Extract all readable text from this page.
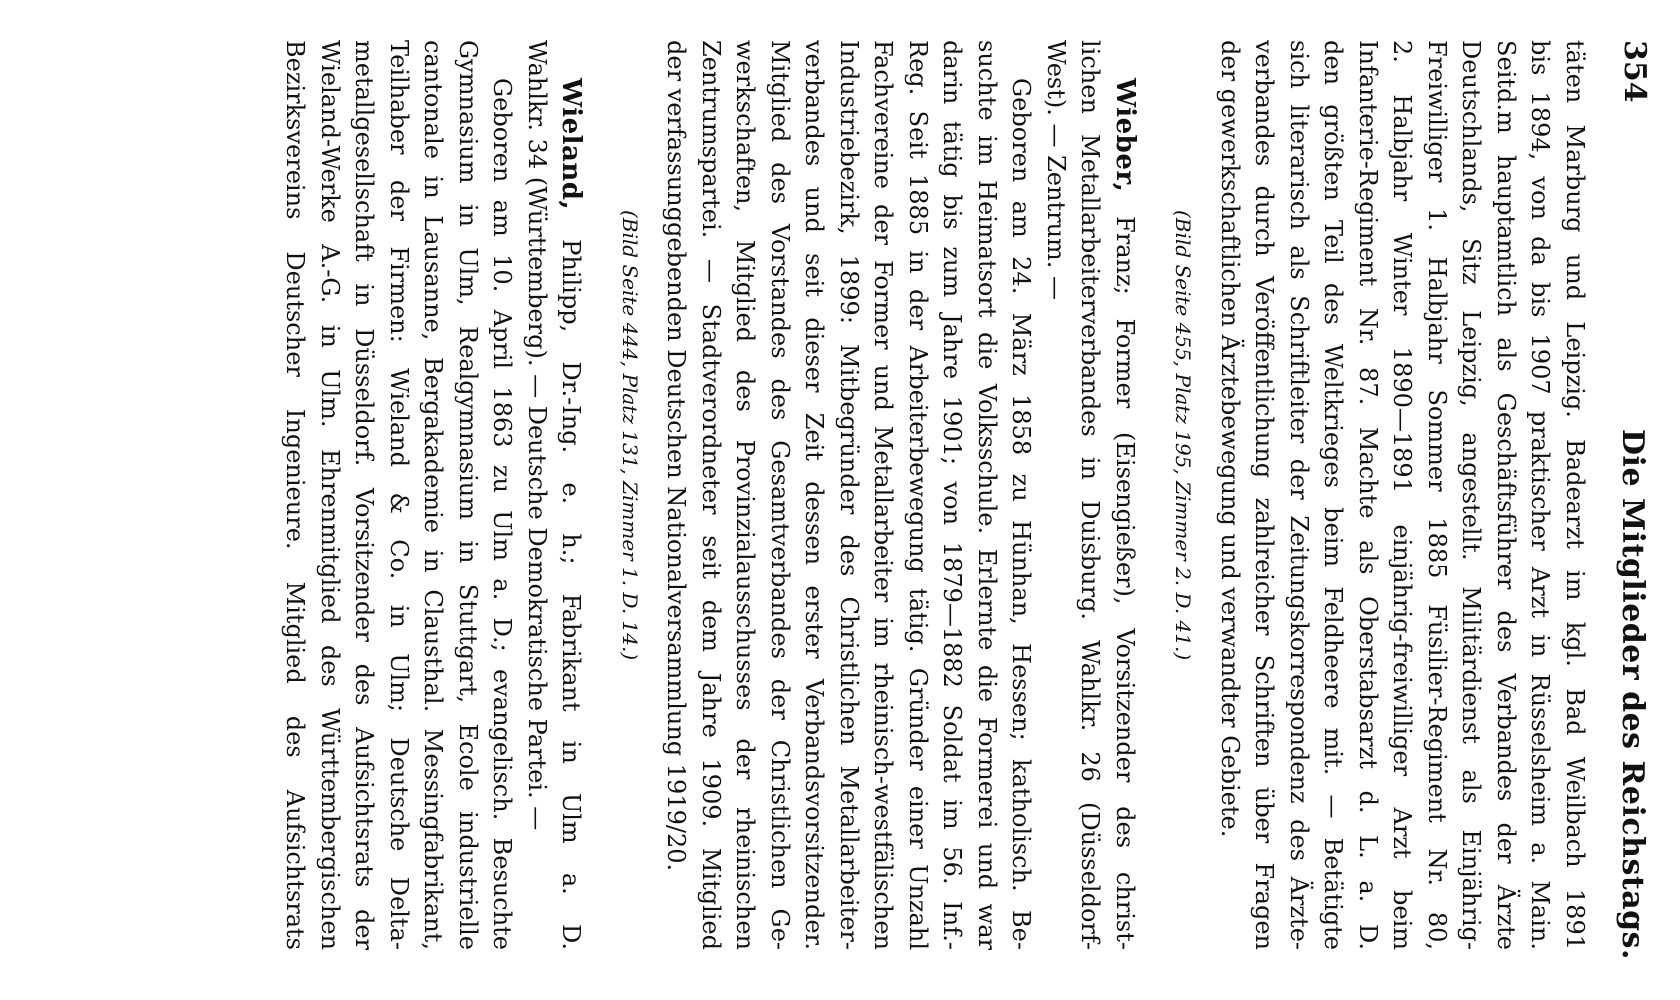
354
Die Mitglieder des Reichstags.
täten Marburg und Leipzig. Badearzt im kgl. Bad Weilbach 1891
bis 1894, von da bis 1907 praktischer Arzt in Rüsselsheim a. Main.
Seitd.m hauptamtlich als Geschäftsführer des Verbandes der Ärzte
Deutschlands, Sitz Leipzig, angestellt. Militärdienst als Einjährig-
Freiwilliger 1. Halbjahr Sommer 1885 Füsilier-Regiment Nr. 80,
2. Halbjahr Winter 1890—1891 einjährig-freiwilliger Arzt beim
Infanterie-Regiment Nr. 87. Machte als Oberstabsarzt d. L. a. D.
den größten Teil des Weltkrieges beim Feldheere mit. — Betätigte
sich literarisch als Schriftleiter der Zeitungskorrespondenz des Ärzte-
verbandes durch Veröffentlichung zahlreicher Schriften über Fragen
der gewerkschaftlichen Ärztebewegung und verwandter Gebiete.
(Bild Seite 455, Platz 195, Zimmer 2. D. 41.)
Wieber, Franz; Former (Eisengießer), Vorsitzender des christ-
lichen Metallarbeiterverbandes in Duisburg. Wahlkr. 26 (Düsseldorf-
West). — Zentrum. —
Geboren am 24. März 1858 zu Hünhan, Hessen; katholisch. Be-
suchte im Heimatsort die Volksschule. Erlernte die Formerei und war
darin tätig bis zum Jahre 1901; von 1879—1882 Soldat im 56. Inf.-
Reg. Seit 1885 in der Arbeiterbewegung tätig. Gründer einer Unzahl
Fachvereine der Former und Metallarbeiter im rheinisch-westfälischen
Industriebezirk, 1899: Mitbegründer des Christlichen Metallarbeiter-
verbandes und seit dieser Zeit dessen erster Verbandsvorsitzender.
Mitglied des Vorstandes des Gesamtverbandes der Christlichen Ge-
werkschaften, Mitglied des Provinzialausschusses der rheinischen
Zentrumspartei. — Stadtverordneter seit dem Jahre 1909. Mitglied
der verfassunggebenden Deutschen Nationalversammlung 1919/20.
(Bild Seite 444, Platz 131, Zimmer 1. D. 14.)
Wieland, Philipp, Dr.-Ing. e. h.; Fabrikant in Ulm a. D.
Wahlkr. 34 (Württemberg). — Deutsche Demokratische Partei. —
Geboren am 10. April 1863 zu Ulm a. D.; evangelisch. Besuchte
Gymnasium in Ulm, Realgymnasium in Stuttgart, Ecole industrielle
cantonale in Lausanne, Bergakademie in Clausthal. Messingfabrikant,
Teilhaber der Firmen: Wieland & Co. in Ulm; Deutsche Delta-
metallgesellschaft in Düsseldorf. Vorsitzender des Aufsichtsrats der
Wieland-Werke A.-G. in Ulm. Ehrenmitglied des Württembergischen
Bezirksvereins Deutscher Ingenieure. Mitglied des Aufsichtsrats
